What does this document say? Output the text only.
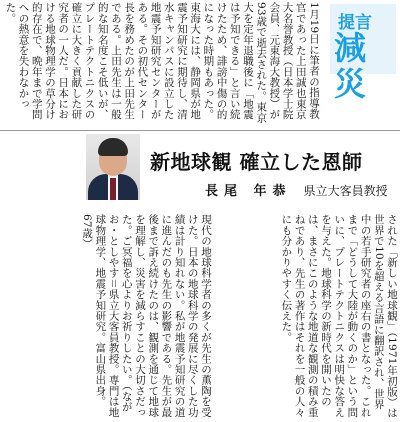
1月19日に筆者の指導教官であった上田誠也東京大名誉教授（日本学士院会員、元東海大教授）が93歳で逝去された。東京大を定年退職後に「地震は予知できる」と言い続けたため、誹謗中傷の的になった時期もあった。東海大には、静岡県が地震予知研究に期待し、清水キャンパスに設立した地震予知研究センターがある。その初代センター長を務めたのが上田先生である。上田先生は一般的な知名度こそ低いが、プレートテクトニクスの確立に大きく貢献した研究者の一人だ。日本における地球物理学の草分け的存在で、晩年まで学問への熱意を失わなかった。	提言
減災
新地球観 確立した恩師
長尾 年恭 県立大客員教授
された「新しい地球観」（1971年初版）は世界で10を超える言語に翻訳され、世界中の若手研究者の座右の書となった。これまで「どうして大陸が動くのか」という問いに、プレートテクトニクスは明快な答えを与えた。地球科学の新時代を開いたのは、まさにこのような地道な観測の積み重ねであり、先生の著作はそれを一般の人々にも分かりやすく伝えた。
現代の地球科学者の多くが先生の薫陶を受けた。日本の地球科学の発展に尽くした功績は計り知れない。私が地震予知研究の道に進んだのも先生の影響である。先生が最後まで訴え続けたのは、観測を通じて地球を理解し、災害を減らすことの大切さだった。ご冥福を心よりお祈りしたい。（ながお・としやす＝県立大客員教授。専門は地球物理学、地震予知研究。富山県出身。67歳）
